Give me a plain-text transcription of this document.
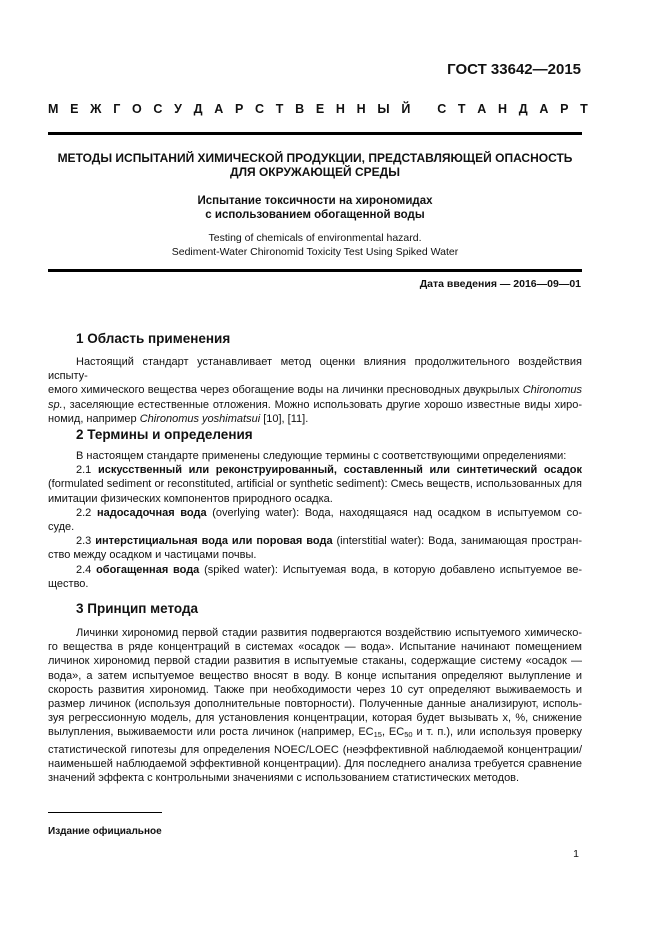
ГОСТ 33642—2015
М Е Ж Г О С У Д А Р С Т В Е Н Н Ы Й
С Т А Н Д А Р Т
МЕТОДЫ ИСПЫТАНИЙ ХИМИЧЕСКОЙ ПРОДУКЦИИ, ПРЕДСТАВЛЯЮЩЕЙ ОПАСНОСТЬ
ДЛЯ ОКРУЖАЮЩЕЙ СРЕДЫ
Испытание токсичности на хирономидах
с использованием обогащенной воды
Testing of chemicals of environmental hazard.
Sediment-Water Chironomid Toxicity Test Using Spiked Water
Дата введения — 2016—09—01
1 Область применения
Настоящий стандарт устанавливает метод оценки влияния продолжительного воздействия испыту-
емого химического вещества через обогащение воды на личинки пресноводных двукрылых Chironomus
sp., заселяющие естественные отложения. Можно использовать другие хорошо известные виды хиро-
номид, например Chironomus yoshimatsui [10], [11].
2 Термины и определения
В настоящем стандарте применены следующие термины с соответствующими определениями:
2.1 искусственный или реконструированный, составленный или синтетический осадок
(formulated sediment or reconstituted, artificial or synthetic sediment): Смесь веществ, использованных для
имитации физических компонентов природного осадка.
2.2 надосадочная вода (overlying water): Вода, находящаяся над осадком в испытуемом со-
суде.
2.3 интерстициальная вода или поровая вода (interstitial water): Вода, занимающая простран-
ство между осадком и частицами почвы.
2.4 обогащенная вода (spiked water): Испытуемая вода, в которую добавлено испытуемое ве-
щество.
3 Принцип метода
Личинки хирономид первой стадии развития подвергаются воздействию испытуемого химическо-
го вещества в ряде концентраций в системах «осадок — вода». Испытание начинают помещением
личинок хирономид первой стадии развития в испытуемые стаканы, содержащие систему «осадок —
вода», а затем испытуемое вещество вносят в воду. В конце испытания определяют вылупление и
скорость развития хирономид. Также при необходимости через 10 сут определяют выживаемость и
размер личинок (используя дополнительные повторности). Полученные данные анализируют, исполь-
зуя регрессионную модель, для установления концентрации, которая будет вызывать x, %, снижение
вылупления, выживаемости или роста личинок (например, $EC_{15}$, $EC_{50}$ и т. п.), или используя проверку
статистической гипотезы для определения NOEC/LOEC (неэффективной наблюдаемой концентрации/
наименьшей наблюдаемой эффективной концентрации). Для последнего анализа требуется сравнение
значений эффекта с контрольными значениями с использованием статистических методов.
Издание официальное
1
